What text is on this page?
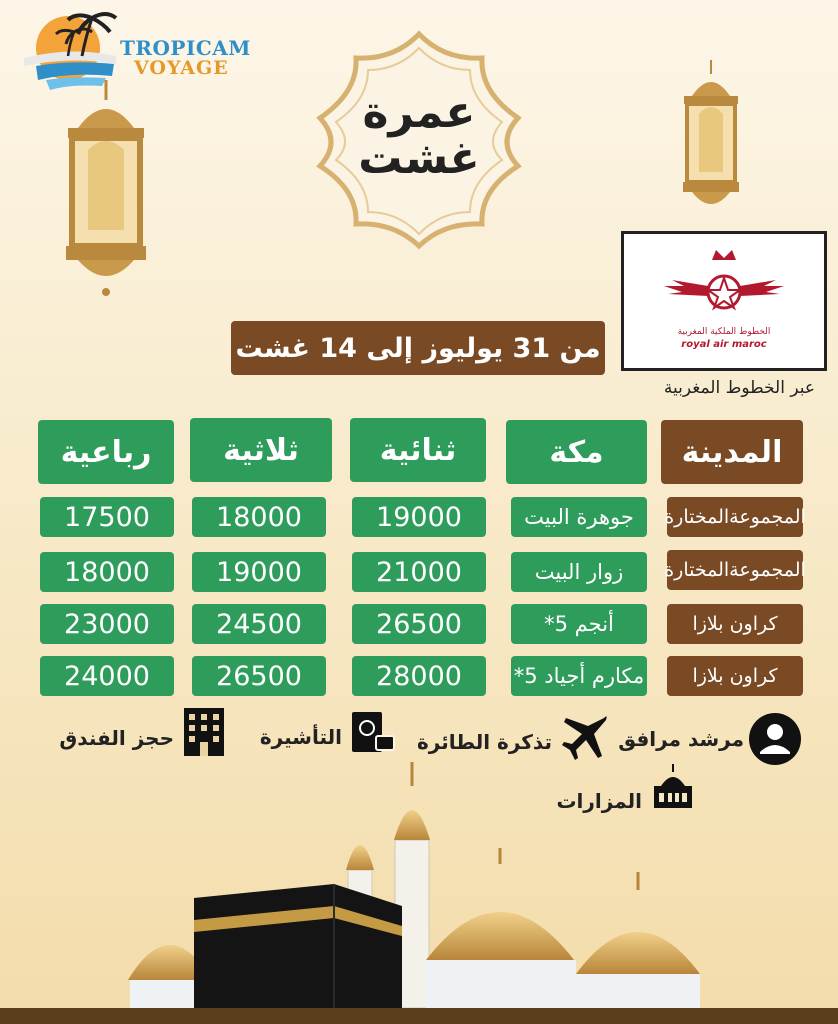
TROPICAM
VOYAGE
عمرة
غشت
من 31 يوليوز إلى 14 غشت
الخطوط الملكية المغربية
royal air maroc
عبر الخطوط المغربية
المدينة
مكة
ثنائية
ثلاثية
رباعية
المجموعةالمختارة
جوهرة البيت
19000
18000
17500
المجموعةالمختارة
زوار البيت
21000
19000
18000
كراون بلازا
أنجم 5*
26500
24500
23000
كراون بلازا
مكارم أجياد 5*
28000
26500
24000
مرشد مرافق
تذكرة الطائرة
التأشيرة
حجز الفندق
المزارات
